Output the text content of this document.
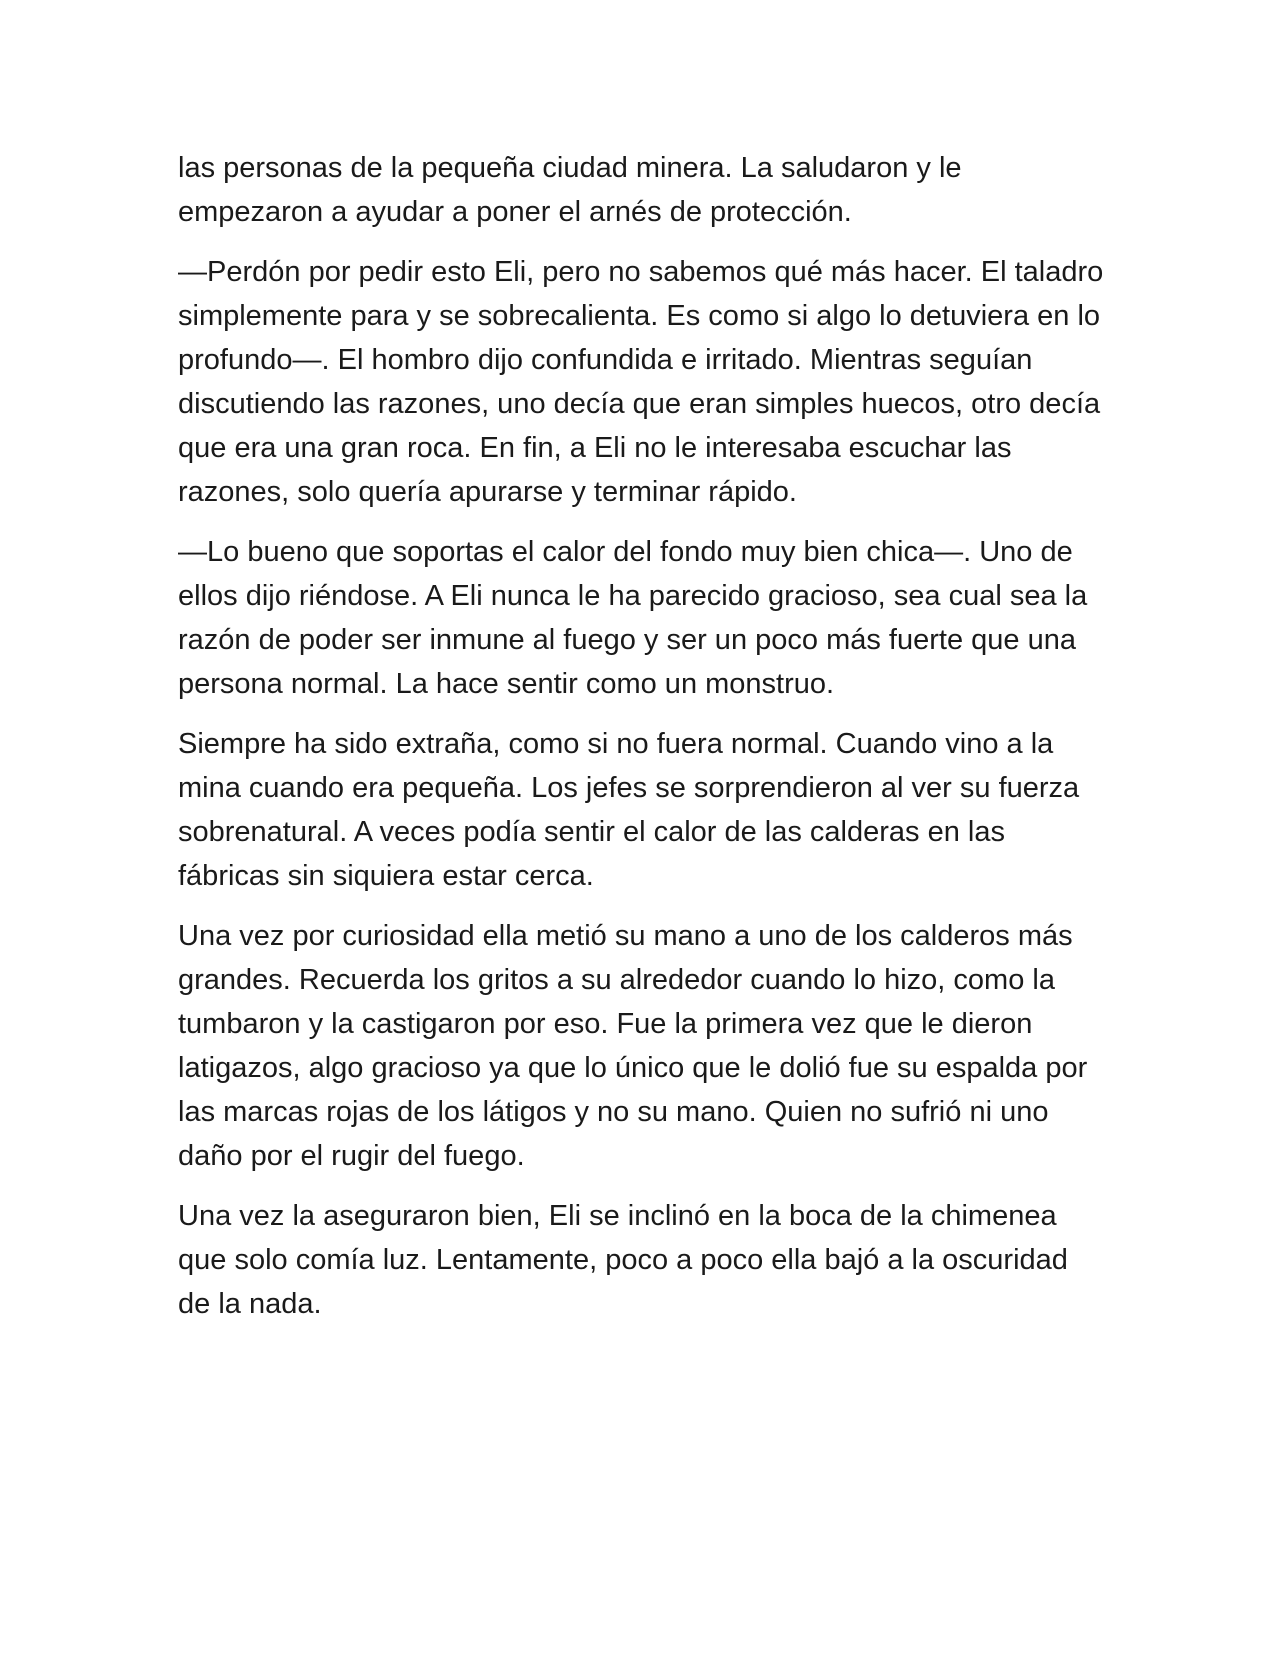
las personas de la pequeña ciudad minera. La saludaron y le empezaron a ayudar a poner el arnés de protección.

—Perdón por pedir esto Eli, pero no sabemos qué más hacer. El taladro simplemente para y se sobrecalienta. Es como si algo lo detuviera en lo profundo—. El hombro dijo confundida e irritado. Mientras seguían discutiendo las razones, uno decía que eran simples huecos, otro decía que era una gran roca. En fin, a Eli no le interesaba escuchar las razones, solo quería apurarse y terminar rápido.

—Lo bueno que soportas el calor del fondo muy bien chica—. Uno de ellos dijo riéndose. A Eli nunca le ha parecido gracioso, sea cual sea la razón de poder ser inmune al fuego y ser un poco más fuerte que una persona normal. La hace sentir como un monstruo.

Siempre ha sido extraña, como si no fuera normal. Cuando vino a la mina cuando era pequeña. Los jefes se sorprendieron al ver su fuerza sobrenatural. A veces podía sentir el calor de las calderas en las fábricas sin siquiera estar cerca.

Una vez por curiosidad ella metió su mano a uno de los calderos más grandes. Recuerda los gritos a su alrededor cuando lo hizo, como la tumbaron y la castigaron por eso. Fue la primera vez que le dieron latigazos, algo gracioso ya que lo único que le dolió fue su espalda por las marcas rojas de los látigos y no su mano. Quien no sufrió ni uno daño por el rugir del fuego.

Una vez la aseguraron bien, Eli se inclinó en la boca de la chimenea que solo comía luz. Lentamente, poco a poco ella bajó a la oscuridad de la nada.
